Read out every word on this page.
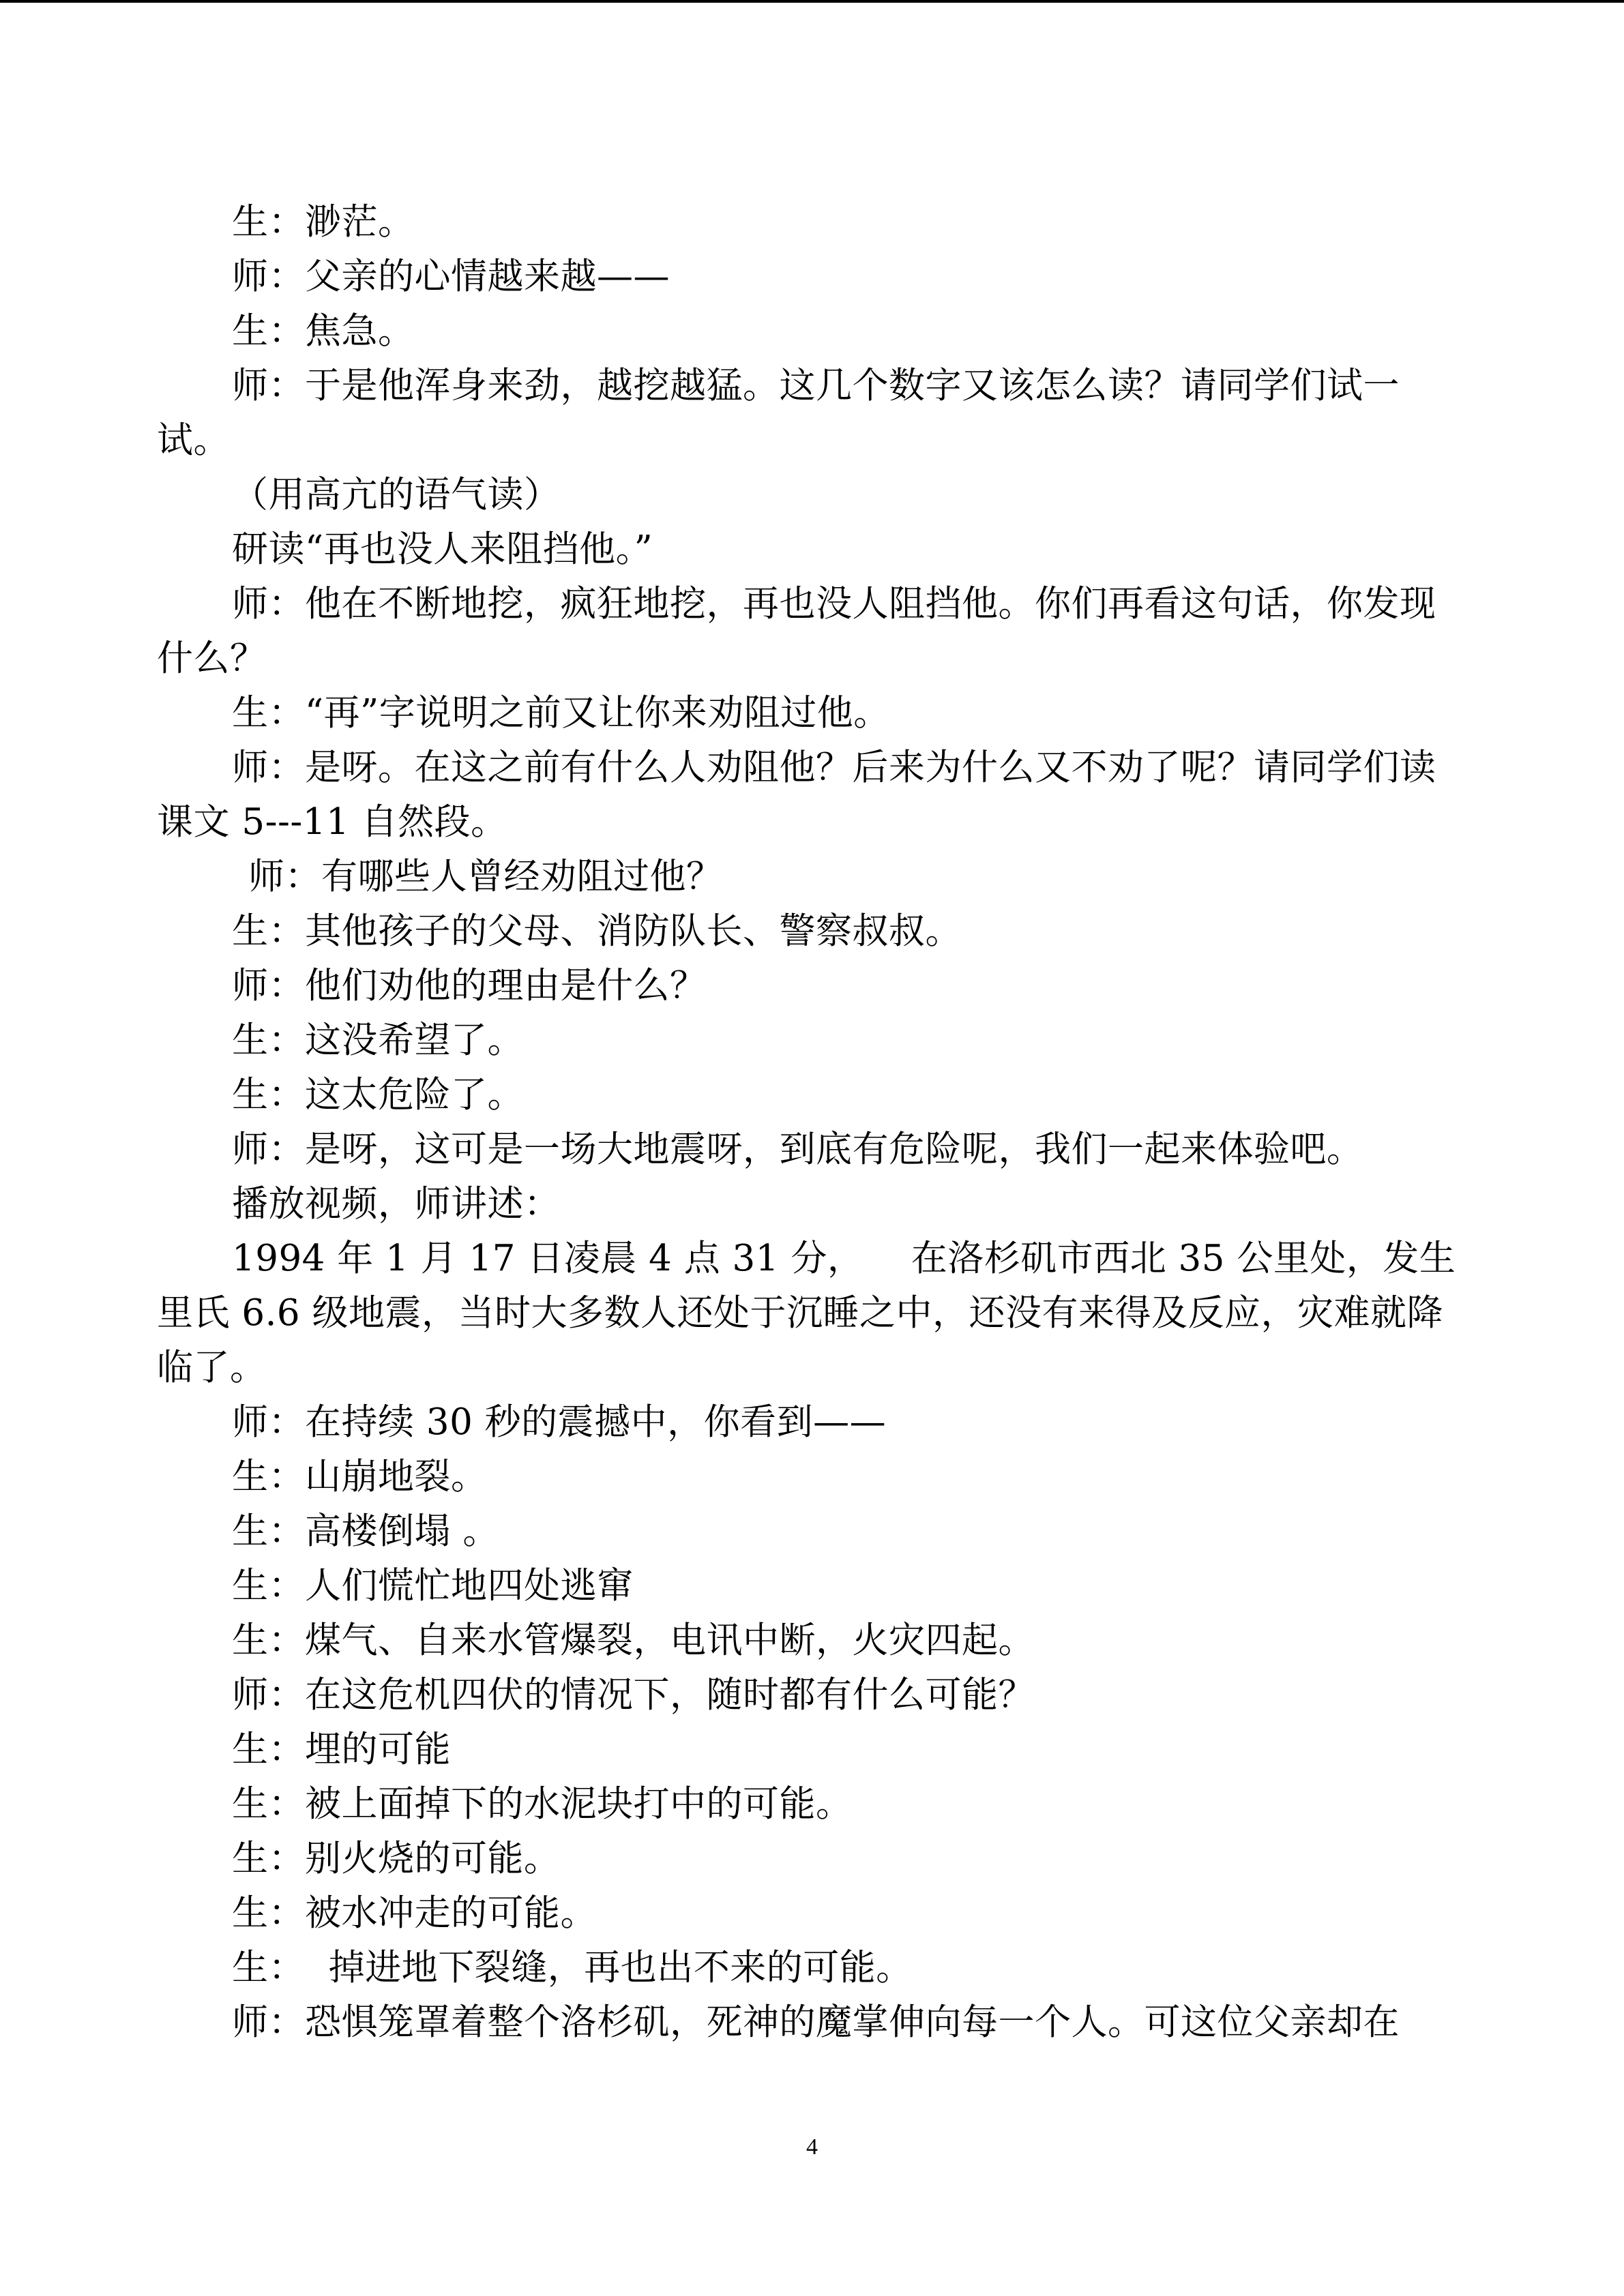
生：渺茫。

师：父亲的心情越来越——

生：焦急。

师：于是他浑身来劲，越挖越猛。这几个数字又该怎么读？请同学们试一试。

（用高亢的语气读）

研读“再也没人来阻挡他。”

师：他在不断地挖，疯狂地挖，再也没人阻挡他。你们再看这句话，你发现什么？

生：“再”字说明之前又让你来劝阻过他。

师：是呀。在这之前有什么人劝阻他？后来为什么又不劝了呢？请同学们读课文 5---11 自然段。

师：有哪些人曾经劝阻过他？

生：其他孩子的父母、消防队长、警察叔叔。

师：他们劝他的理由是什么？

生：这没希望了。

生：这太危险了。

师：是呀，这可是一场大地震呀，到底有危险呢，我们一起来体验吧。

播放视频，师讲述：

1994 年 1 月 17 日凌晨 4 点 31 分，    在洛杉矶市西北 35 公里处，发生里氏 6.6 级地震，当时大多数人还处于沉睡之中，还没有来得及反应，灾难就降临了。

师：在持续 30 秒的震撼中，你看到——

生：山崩地裂。

生：高楼倒塌 。

生：人们慌忙地四处逃窜

生：煤气、自来水管爆裂，电讯中断，火灾四起。

师：在这危机四伏的情况下，随时都有什么可能？

生：埋的可能

生：被上面掉下的水泥块打中的可能。

生：别火烧的可能。

生：被水冲走的可能。

生：  掉进地下裂缝，再也出不来的可能。

师：恐惧笼罩着整个洛杉矶，死神的魔掌伸向每一个人。可这位父亲却在

4
